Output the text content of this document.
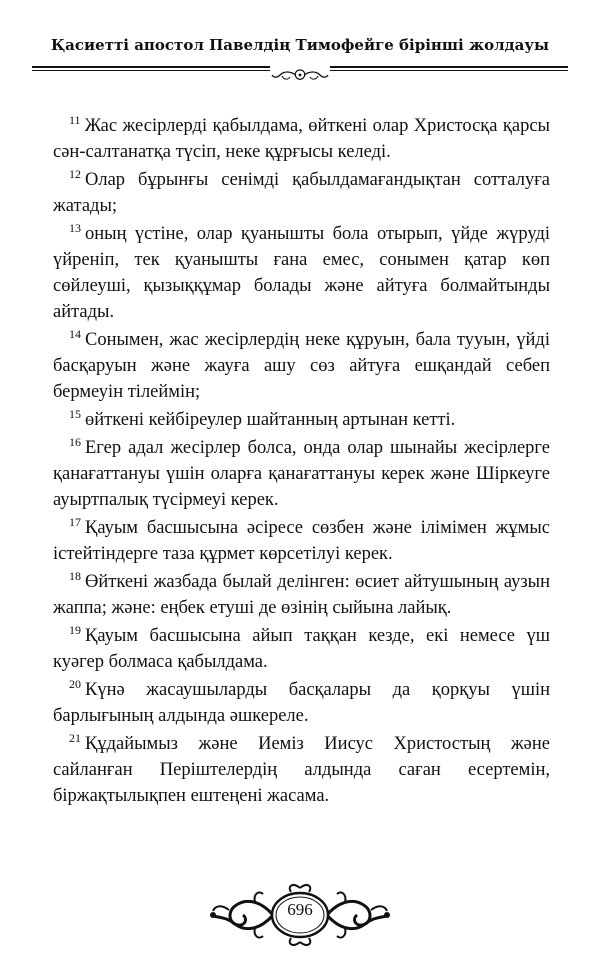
Қасиетті апостол Павелдің Тимофейге бірінші жолдауы

$^{11}$ Жас жесірлерді қабылдама, өйткені олар Христосқа қарсы сән-салтанатқа түсіп, неке құрғысы келеді.

$^{12}$ Олар бұрынғы сенімді қабылдамағандықтан сотталуға жатады;

$^{13}$ оның үстіне, олар қуанышты бола отырып, үйде жүруді үйреніп, тек қуанышты ғана емес, сонымен қатар көп сөйлеуші, қызыққұмар болады және айтуға болмайтынды айтады.

$^{14}$ Сонымен, жас жесірлердің неке құруын, бала тууын, үйді басқаруын және жауға ашу сөз айтуға ешқандай себеп бермеуін тілеймін;

$^{15}$ өйткені кейбіреулер шайтанның артынан кетті.

$^{16}$ Егер адал жесірлер болса, онда олар шынайы жесірлерге қанағаттануы үшін оларға қанағаттануы керек және Шіркеуге ауыртпалық түсірмеуі керек.

$^{17}$ Қауым басшысына әсіресе сөзбен және ілімімен жұмыс істейтіндерге таза құрмет көрсетілуі керек.

$^{18}$ Өйткені жазбада былай делінген: өсиет айтушының аузын жаппа; және: еңбек етуші де өзінің сыйына лайық.

$^{19}$ Қауым басшысына айып таққан кезде, екі немесе үш куәгер болмаса қабылдама.

$^{20}$ Күнә жасаушыларды басқалары да қорқуы үшін барлығының алдында әшкереле.

$^{21}$ Құдайымыз және Иеміз Иисус Христостың және сайланған Періштелердің алдында саған есертемін, біржақтылықпен ештеңені жасама.

696
